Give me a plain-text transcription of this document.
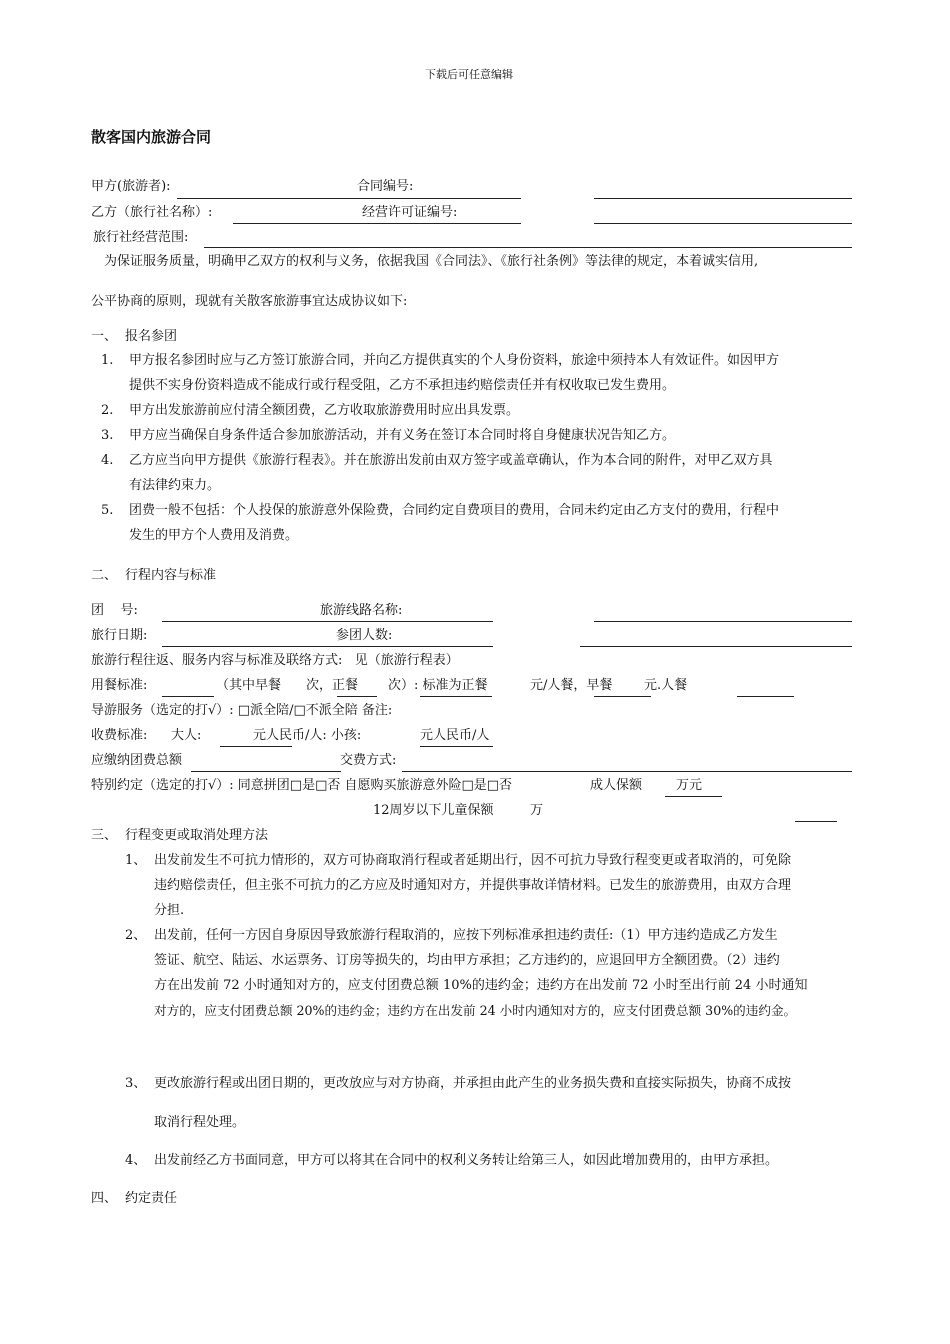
下载后可任意编辑
散客国内旅游合同
甲方(旅游者):	合同编号:
乙方（旅行社名称）:	经营许可证编号:
旅行社经营范围:
为保证服务质量，明确甲乙双方的权利与义务，依据我国《合同法》、《旅行社条例》等法律的规定，本着诚实信用,
公平协商的原则，现就有关散客旅游事宜达成协议如下:
一、 报名参团
1. 甲方报名参团时应与乙方签订旅游合同，并向乙方提供真实的个人身份资料，旅途中须持本人有效证件。如因甲方
提供不实身份资料造成不能成行或行程受阻，乙方不承担违约赔偿责任并有权收取已发生费用。
2. 甲方出发旅游前应付清全额团费，乙方收取旅游费用时应出具发票。
3. 甲方应当确保自身条件适合参加旅游活动，并有义务在签订本合同时将自身健康状况告知乙方。
4. 乙方应当向甲方提供《旅游行程表》。并在旅游出发前由双方签字或盖章确认，作为本合同的附件，对甲乙双方具
有法律约束力。
5. 团费一般不包括：个人投保的旅游意外保险费，合同约定自费项目的费用，合同未约定由乙方支付的费用，行程中
发生的甲方个人费用及消费。
二、 行程内容与标准
团    号:	旅游线路名称:
旅行日期:	参团人数:
旅游行程往返、服务内容与标准及联络方式:   见（旅游行程表）
用餐标准:	（其中早餐 次，正餐 次）: 标准为正餐	元/人餐，早餐 元.人餐
导游服务（选定的打√）: □派全陪/□不派全陪 备注:
收费标准: 大人:	元人民币/人: 小孩:	元人民币/人
应缴纳团费总额	交费方式:
特别约定（选定的打√）: 同意拼团□是□否 自愿购买旅游意外险□是□否	成人保额	万元
12周岁以下儿童保额	万
三、 行程变更或取消处理方法
1、 出发前发生不可抗力情形的，双方可协商取消行程或者延期出行，因不可抗力导致行程变更或者取消的，可免除
违约赔偿责任，但主张不可抗力的乙方应及时通知对方，并提供事故详情材料。已发生的旅游费用，由双方合理
分担.
2、 出发前，任何一方因自身原因导致旅游行程取消的，应按下列标准承担违约责任:（1）甲方违约造成乙方发生
签证、航空、陆运、水运票务、订房等损失的，均由甲方承担；乙方违约的，应退回甲方全额团费。（2）违约
方在出发前 72 小时通知对方的，应支付团费总额 10%的违约金；违约方在出发前 72 小时至出行前 24 小时通知
对方的，应支付团费总额 20%的违约金；违约方在出发前 24 小时内通知对方的，应支付团费总额 30%的违约金。
3、 更改旅游行程或出团日期的，更改放应与对方协商，并承担由此产生的业务损失费和直接实际损失，协商不成按
取消行程处理。
4、 出发前经乙方书面同意，甲方可以将其在合同中的权利义务转让给第三人，如因此增加费用的，由甲方承担。
四、 约定责任
